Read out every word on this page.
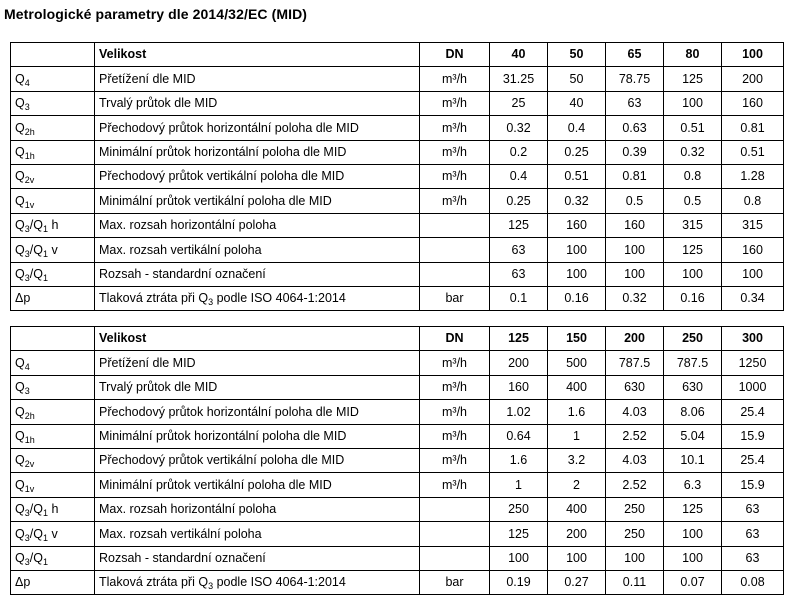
Metrologické parametry dle 2014/32/EC (MID)
	Velikost	DN	40	50	65	80	100
$Q_4$	Přetížení dle MID	m³/h	31.25	50	78.75	125	200
$Q_3$	Trvalý průtok dle MID	m³/h	25	40	63	100	160
$Q_{2h}$	Přechodový průtok horizontální poloha dle MID	m³/h	0.32	0.4	0.63	0.51	0.81
$Q_{1h}$	Minimální průtok horizontální poloha dle MID	m³/h	0.2	0.25	0.39	0.32	0.51
$Q_{2v}$	Přechodový průtok vertikální poloha dle MID	m³/h	0.4	0.51	0.81	0.8	1.28
$Q_{1v}$	Minimální průtok vertikální poloha dle MID	m³/h	0.25	0.32	0.5	0.5	0.8
$Q_3/Q_1$ h	Max. rozsah horizontální poloha		125	160	160	315	315
$Q_3/Q_1$ v	Max. rozsah vertikální poloha		63	100	100	125	160
$Q_3/Q_1$	Rozsah - standardní označení		63	100	100	100	100
Δp	Tlaková ztráta při $Q_3$ podle ISO 4064-1:2014	bar	0.1	0.16	0.32	0.16	0.34
	Velikost	DN	125	150	200	250	300
$Q_4$	Přetížení dle MID	m³/h	200	500	787.5	787.5	1250
$Q_3$	Trvalý průtok dle MID	m³/h	160	400	630	630	1000
$Q_{2h}$	Přechodový průtok horizontální poloha dle MID	m³/h	1.02	1.6	4.03	8.06	25.4
$Q_{1h}$	Minimální průtok horizontální poloha dle MID	m³/h	0.64	1	2.52	5.04	15.9
$Q_{2v}$	Přechodový průtok vertikální poloha dle MID	m³/h	1.6	3.2	4.03	10.1	25.4
$Q_{1v}$	Minimální průtok vertikální poloha dle MID	m³/h	1	2	2.52	6.3	15.9
$Q_3/Q_1$ h	Max. rozsah horizontální poloha		250	400	250	125	63
$Q_3/Q_1$ v	Max. rozsah vertikální poloha		125	200	250	100	63
$Q_3/Q_1$	Rozsah - standardní označení		100	100	100	100	63
Δp	Tlaková ztráta při $Q_3$ podle ISO 4064-1:2014	bar	0.19	0.27	0.11	0.07	0.08
